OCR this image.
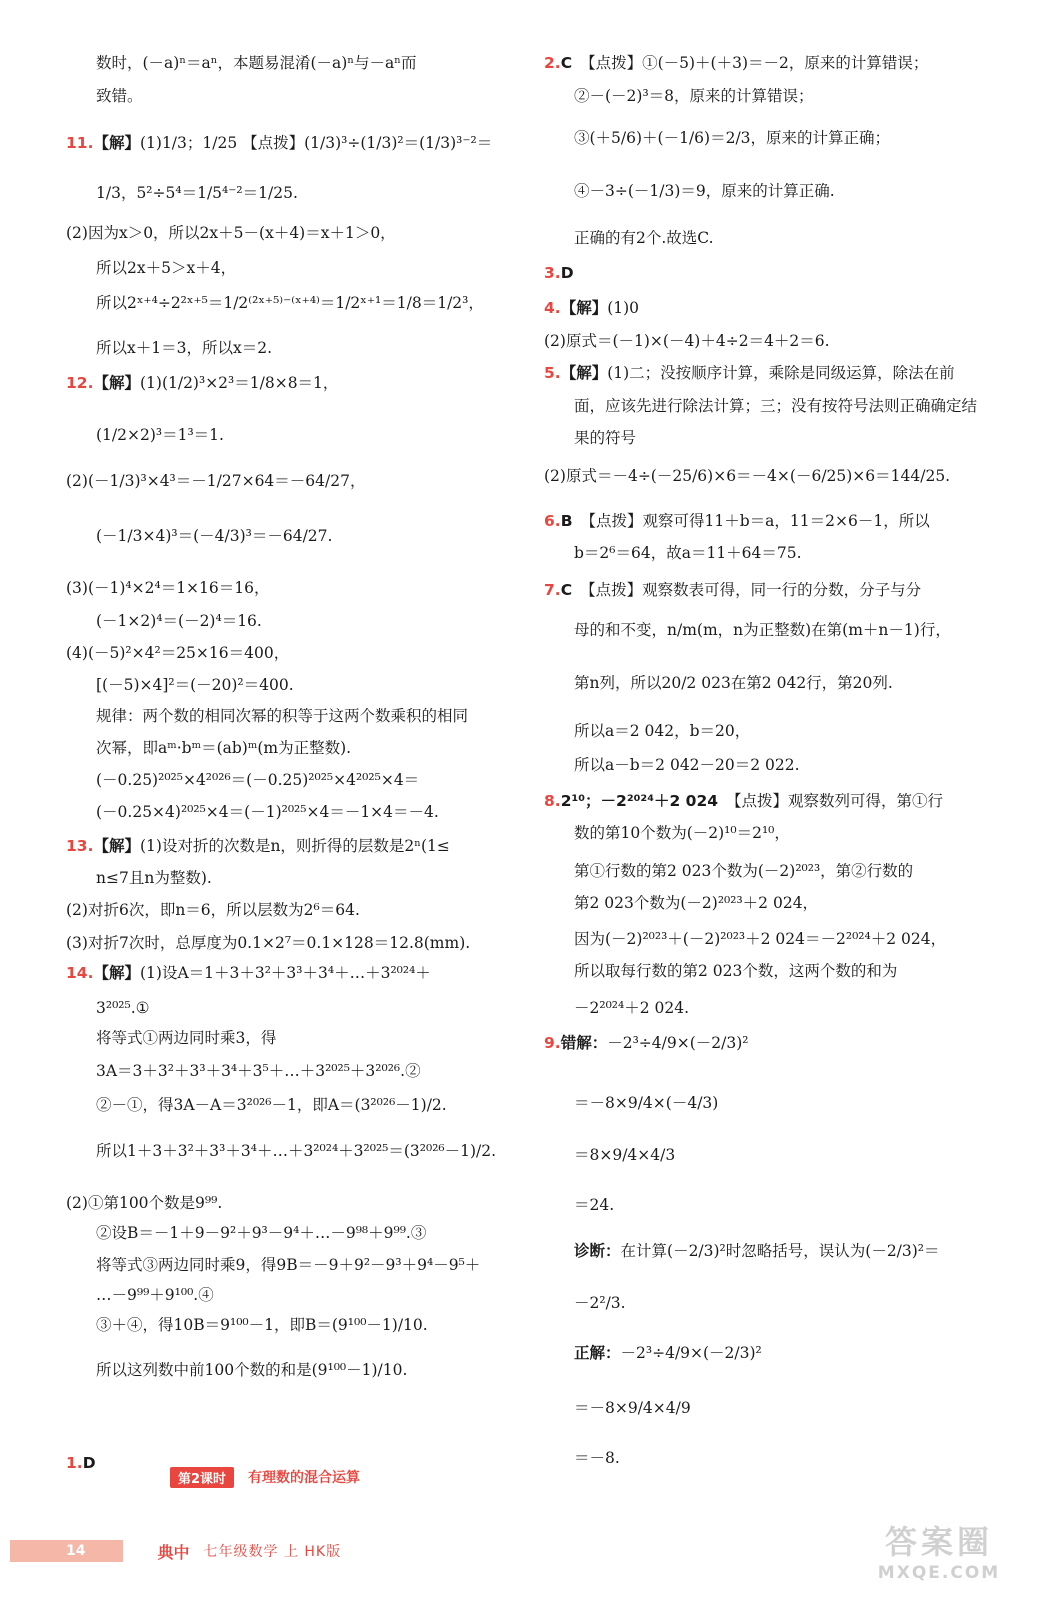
数时，(－a)ⁿ＝aⁿ，本题易混淆(－a)ⁿ与－aⁿ而
致错。
11.【解】(1)1/3；1/25 【点拨】(1/3)³÷(1/3)²＝(1/3)³⁻²＝
1/3，5²÷5⁴＝1/5⁴⁻²＝1/25.
(2)因为x＞0，所以2x＋5－(x＋4)＝x＋1＞0，
所以2x＋5＞x＋4，
所以2ˣ⁺⁴÷2²ˣ⁺⁵＝1/2⁽²ˣ⁺⁵⁾⁻⁽ˣ⁺⁴⁾＝1/2ˣ⁺¹＝1/8＝1/2³，
所以x＋1＝3，所以x＝2.
12.【解】(1)(1/2)³×2³＝1/8×8＝1，
(1/2×2)³＝1³＝1.
(2)(－1/3)³×4³＝－1/27×64＝－64/27，
(－1/3×4)³＝(－4/3)³＝－64/27.
(3)(－1)⁴×2⁴＝1×16＝16，
(－1×2)⁴＝(－2)⁴＝16.
(4)(－5)²×4²＝25×16＝400，
[(－5)×4]²＝(－20)²＝400.
规律：两个数的相同次幂的积等于这两个数乘积的相同
次幂，即aᵐ·bᵐ＝(ab)ᵐ(m为正整数).
(－0.25)²⁰²⁵×4²⁰²⁶＝(－0.25)²⁰²⁵×4²⁰²⁵×4＝
(－0.25×4)²⁰²⁵×4＝(－1)²⁰²⁵×4＝－1×4＝－4.
13.【解】(1)设对折的次数是n，则折得的层数是2ⁿ(1≤
n≤7且n为整数).
(2)对折6次，即n＝6，所以层数为2⁶＝64.
(3)对折7次时，总厚度为0.1×2⁷＝0.1×128＝12.8(mm).
14.【解】(1)设A＝1＋3＋3²＋3³＋3⁴＋…＋3²⁰²⁴＋
3²⁰²⁵.①
将等式①两边同时乘3，得
3A＝3＋3²＋3³＋3⁴＋3⁵＋…＋3²⁰²⁵＋3²⁰²⁶.②
②－①，得3A－A＝3²⁰²⁶－1，即A＝(3²⁰²⁶－1)/2.
所以1＋3＋3²＋3³＋3⁴＋…＋3²⁰²⁴＋3²⁰²⁵＝(3²⁰²⁶－1)/2.
(2)①第100个数是9⁹⁹.
②设B＝－1＋9－9²＋9³－9⁴＋…－9⁹⁸＋9⁹⁹.③
将等式③两边同时乘9，得9B＝－9＋9²－9³＋9⁴－9⁵＋
…－9⁹⁹＋9¹⁰⁰.④
③＋④，得10B＝9¹⁰⁰－1，即B＝(9¹⁰⁰－1)/10.
所以这列数中前100个数的和是(9¹⁰⁰－1)/10.
1.D
2.C 【点拨】①(－5)＋(＋3)＝－2，原来的计算错误；
②－(－2)³＝8，原来的计算错误；
③(＋5/6)＋(－1/6)＝2/3，原来的计算正确；
④－3÷(－1/3)＝9，原来的计算正确.
正确的有2个.故选C.
3.D
4.【解】(1)0
(2)原式＝(－1)×(－4)＋4÷2＝4＋2＝6.
5.【解】(1)二；没按顺序计算，乘除是同级运算，除法在前
面，应该先进行除法计算；三；没有按符号法则正确确定结
果的符号
(2)原式＝－4÷(－25/6)×6＝－4×(－6/25)×6＝144/25.
6.B 【点拨】观察可得11＋b＝a，11＝2×6－1，所以
b＝2⁶＝64，故a＝11＋64＝75.
7.C 【点拨】观察数表可得，同一行的分数，分子与分
母的和不变，n/m(m，n为正整数)在第(m＋n－1)行，
第n列，所以20/2 023在第2 042行，第20列.
所以a＝2 042，b＝20，
所以a－b＝2 042－20＝2 022.
8.2¹⁰；－2²⁰²⁴＋2 024 【点拨】观察数列可得，第①行
数的第10个数为(－2)¹⁰＝2¹⁰，
第①行数的第2 023个数为(－2)²⁰²³，第②行数的
第2 023个数为(－2)²⁰²³＋2 024，
因为(－2)²⁰²³＋(－2)²⁰²³＋2 024＝－2²⁰²⁴＋2 024，
所以取每行数的第2 023个数，这两个数的和为
－2²⁰²⁴＋2 024.
9.错解：－2³÷4/9×(－2/3)²
＝－8×9/4×(－4/3)
＝8×9/4×4/3
＝24.
诊断：在计算(－2/3)²时忽略括号，误认为(－2/3)²＝
－2²/3.
正解：－2³÷4/9×(－2/3)²
＝－8×9/4×4/9
＝－8.
第2课时	有理数的混合运算
14	典中 七年级数学 上 HK版	答案圈
MXQE.COM
